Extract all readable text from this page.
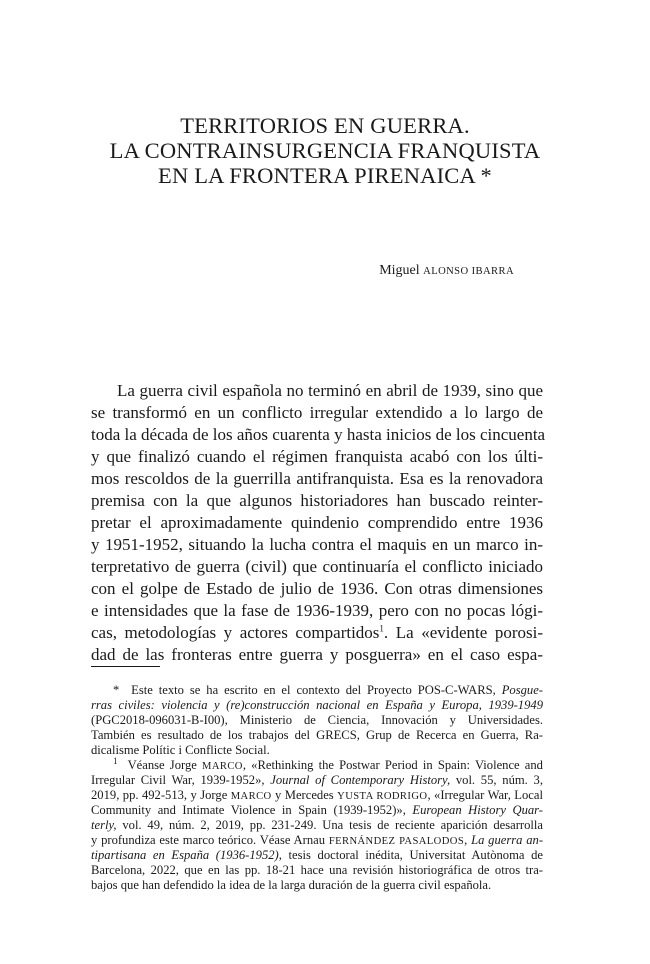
TERRITORIOS EN GUERRA.
LA CONTRAINSURGENCIA FRANQUISTA
EN LA FRONTERA PIRENAICA *
Miguel ALONSO IBARRA
La guerra civil española no terminó en abril de 1939, sino que
se transformó en un conflicto irregular extendido a lo largo de
toda la década de los años cuarenta y hasta inicios de los cincuenta
y que finalizó cuando el régimen franquista acabó con los últi-
mos rescoldos de la guerrilla antifranquista. Esa es la renovadora
premisa con la que algunos historiadores han buscado reinter-
pretar el aproximadamente quindenio comprendido entre 1936
y 1951-1952, situando la lucha contra el maquis en un marco in-
terpretativo de guerra (civil) que continuaría el conflicto iniciado
con el golpe de Estado de julio de 1936. Con otras dimensiones
e intensidades que la fase de 1936-1939, pero con no pocas lógi-
cas, metodologías y actores compartidos$^1$. La «evidente porosi-
dad de las fronteras entre guerra y posguerra» en el caso espa-
* Este texto se ha escrito en el contexto del Proyecto POS-C-WARS, Posgue-
rras civiles: violencia y (re)construcción nacional en España y Europa, 1939-1949
(PGC2018-096031-B-I00), Ministerio de Ciencia, Innovación y Universidades.
También es resultado de los trabajos del GRECS, Grup de Recerca en Guerra, Ra-
dicalisme Polític i Conflicte Social.
$^1$ Véanse Jorge MARCO, «Rethinking the Postwar Period in Spain: Violence and
Irregular Civil War, 1939-1952», Journal of Contemporary History, vol. 55, núm. 3,
2019, pp. 492-513, y Jorge MARCO y Mercedes YUSTA RODRIGO, «Irregular War, Local
Community and Intimate Violence in Spain (1939-1952)», European History Quar-
terly, vol. 49, núm. 2, 2019, pp. 231-249. Una tesis de reciente aparición desarrolla
y profundiza este marco teórico. Véase Arnau FERNÁNDEZ PASALODOS, La guerra an-
tipartisana en España (1936-1952), tesis doctoral inédita, Universitat Autònoma de
Barcelona, 2022, que en las pp. 18-21 hace una revisión historiográfica de otros tra-
bajos que han defendido la idea de la larga duración de la guerra civil española.
